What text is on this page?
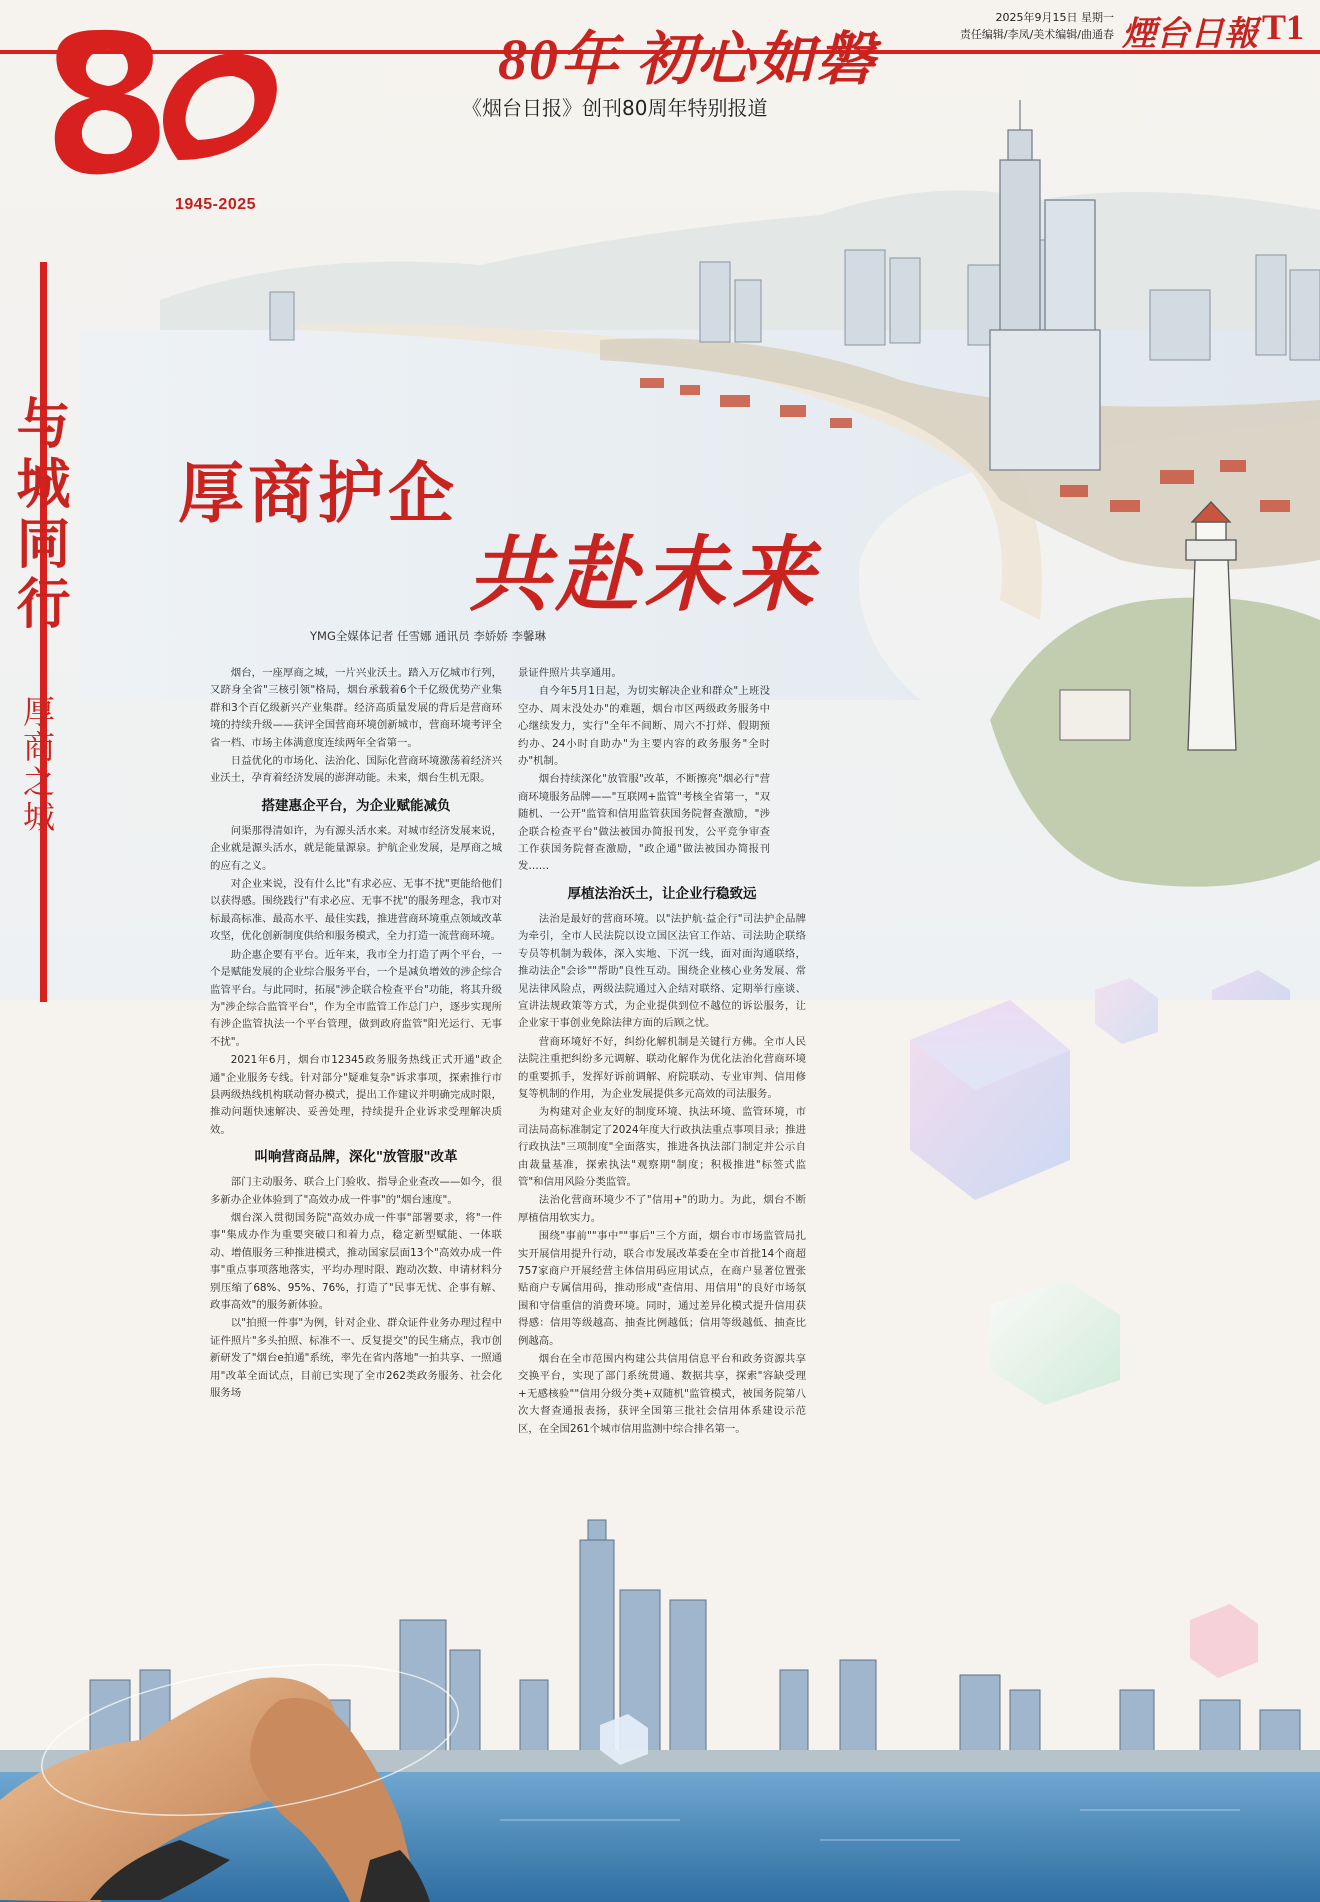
1945-2025
80年 初心如磐
《烟台日报》创刊80周年特别报道
2025年9月15日 星期一
责任编辑/李凤/美术编辑/曲通春 煙台日報 T1
与城同行
厚商之城
厚商护企
共赴未来
YMG全媒体记者 任雪娜 通讯员 李娇娇 李馨琳

烟台，一座厚商之城，一片兴业沃土。踏入万亿城市行列，又跻身全省"三核引领"格局，烟台承载着6个千亿级优势产业集群和3个百亿级新兴产业集群。经济高质量发展的背后是营商环境的持续升级——获评全国营商环境创新城市，营商环境考评全省一档、市场主体满意度连续两年全省第一。

日益优化的市场化、法治化、国际化营商环境激荡着经济兴业沃土，孕育着经济发展的澎湃动能。未来，烟台生机无限。

搭建惠企平台，为企业赋能减负

问渠那得清如许，为有源头活水来。对城市经济发展来说，企业就是源头活水，就是能量源泉。护航企业发展，是厚商之城的应有之义。

对企业来说，没有什么比"有求必应、无事不扰"更能给他们以获得感。围绕践行"有求必应、无事不扰"的服务理念，我市对标最高标准、最高水平、最佳实践，推进营商环境重点领域改革攻坚，优化创新制度供给和服务模式，全力打造一流营商环境。

助企惠企要有平台。近年来，我市全力打造了两个平台，一个是赋能发展的企业综合服务平台，一个是减负增效的涉企综合监管平台。与此同时，拓展"涉企联合检查平台"功能，将其升级为"涉企综合监管平台"，作为全市监管工作总门户，逐步实现所有涉企监管执法一个平台管理，做到政府监管"阳光运行、无事不扰"。

2021年6月，烟台市12345政务服务热线正式开通"政企通"企业服务专线。针对部分"疑难复杂"诉求事项，探索推行市县两级热线机构联动督办模式，提出工作建议并明确完成时限，推动问题快速解决、妥善处理，持续提升企业诉求受理解决质效。

叫响营商品牌，深化"放管服"改革

部门主动服务、联合上门验收、指导企业查改——如今，很多新办企业体验到了"高效办成一件事"的"烟台速度"。

烟台深入贯彻国务院"高效办成一件事"部署要求，将"一件事"集成办作为重要突破口和着力点，稳定新型赋能、一体联动、增值服务三种推进模式，推动国家层面13个"高效办成一件事"重点事项落地落实，平均办理时限、跑动次数、申请材料分别压缩了68%、95%、76%，打造了"民事无忧、企事有解、政事高效"的服务新体验。

以"拍照一件事"为例，针对企业、群众证件业务办理过程中证件照片"多头拍照、标准不一、反复提交"的民生痛点，我市创新研发了"烟台e拍通"系统，率先在省内落地"一拍共享、一照通用"改革全面试点，目前已实现了全市262类政务服务、社会化服务场

景证件照片共享通用。

自今年5月1日起，为切实解决企业和群众"上班没空办、周末没处办"的难题，烟台市区两级政务服务中心继续发力，实行"全年不间断、周六不打烊、假期预约办、24小时自助办"为主要内容的政务服务"全时办"机制。

烟台持续深化"放管服"改革，不断擦亮"烟必行"营商环境服务品牌——"互联网+监管"考核全省第一，"双随机、一公开"监管和信用监管获国务院督查激励，"涉企联合检查平台"做法被国办简报刊发，公平竞争审查工作获国务院督查激励，"政企通"做法被国办简报刊发……

厚植法治沃土，让企业行稳致远

法治是最好的营商环境。以"法护航·益企行"司法护企品牌为牵引，全市人民法院以设立国区法官工作站、司法助企联络专员等机制为载体，深入实地、下沉一线，面对面沟通联络，推动法企"会诊""帮助"良性互动。围绕企业核心业务发展、常见法律风险点，两级法院通过入企结对联络、定期举行座谈、宣讲法规政策等方式，为企业提供到位不越位的诉讼服务，让企业家干事创业免除法律方面的后顾之忧。

营商环境好不好，纠纷化解机制是关键行方佛。全市人民法院注重把纠纷多元调解、联动化解作为优化法治化营商环境的重要抓手，发挥好诉前调解、府院联动、专业审判、信用修复等机制的作用，为企业发展提供多元高效的司法服务。

为构建对企业友好的制度环境、执法环境、监管环境，市司法局高标准制定了2024年度大行政执法重点事项目录；推进行政执法"三项制度"全面落实，推进各执法部门制定并公示自由裁量基准，探索执法"观察期"制度；积极推进"标签式监管"和信用风险分类监管。

法治化营商环境少不了"信用+"的助力。为此，烟台不断厚植信用软实力。

围绕"事前""事中""事后"三个方面，烟台市市场监管局扎实开展信用提升行动，联合市发展改革委在全市首批14个商超757家商户开展经营主体信用码应用试点，在商户显著位置张贴商户专属信用码，推动形成"查信用、用信用"的良好市场氛围和守信重信的消费环境。同时，通过差异化模式提升信用获得感：信用等级越高、抽查比例越低；信用等级越低、抽查比例越高。

烟台在全市范围内构建公共信用信息平台和政务资源共享交换平台，实现了部门系统贯通、数据共享，探索"容缺受理+无感核验""信用分级分类+双随机"监管模式，被国务院第八次大督查通报表扬，获评全国第三批社会信用体系建设示范区，在全国261个城市信用监测中综合排名第一。
